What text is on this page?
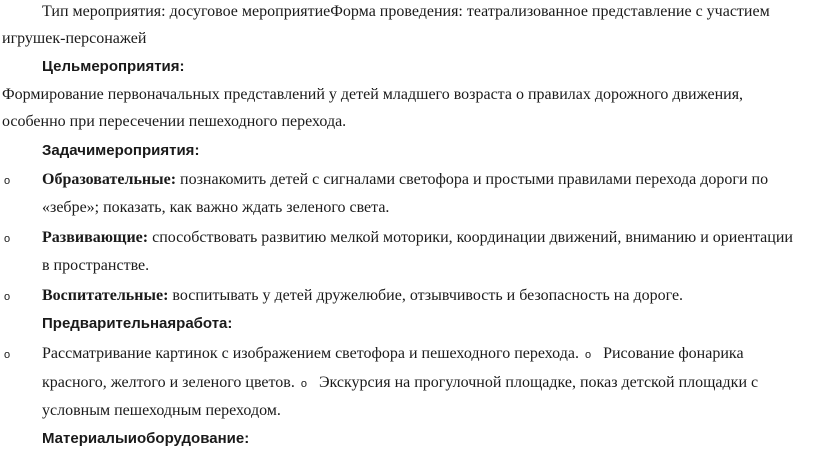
Тип мероприятия: досуговое мероприятиеФорма проведения: театрализованное представление с участием
игрушек-персонажей
Цельмероприятия:
Формирование первоначальных представлений у детей младшего возраста о правилах дорожного движения,
особенно при пересечении пешеходного перехода.
Задачимероприятия:
o Образовательные: познакомить детей с сигналами светофора и простыми правилами перехода дороги по
«зебре»; показать, как важно ждать зеленого света.
o Развивающие: способствовать развитию мелкой моторики, координации движений, вниманию и ориентации
в пространстве.
o Воспитательные: воспитывать у детей дружелюбие, отзывчивость и безопасность на дороге.
Предварительнаяработа:
o Рассматривание картинок с изображением светофора и пешеходного перехода. o Рисование фонарика
красного, желтого и зеленого цветов. o Экскурсия на прогулочной площадке, показ детской площадки с
условным пешеходным переходом.
Материалыиоборудование:
